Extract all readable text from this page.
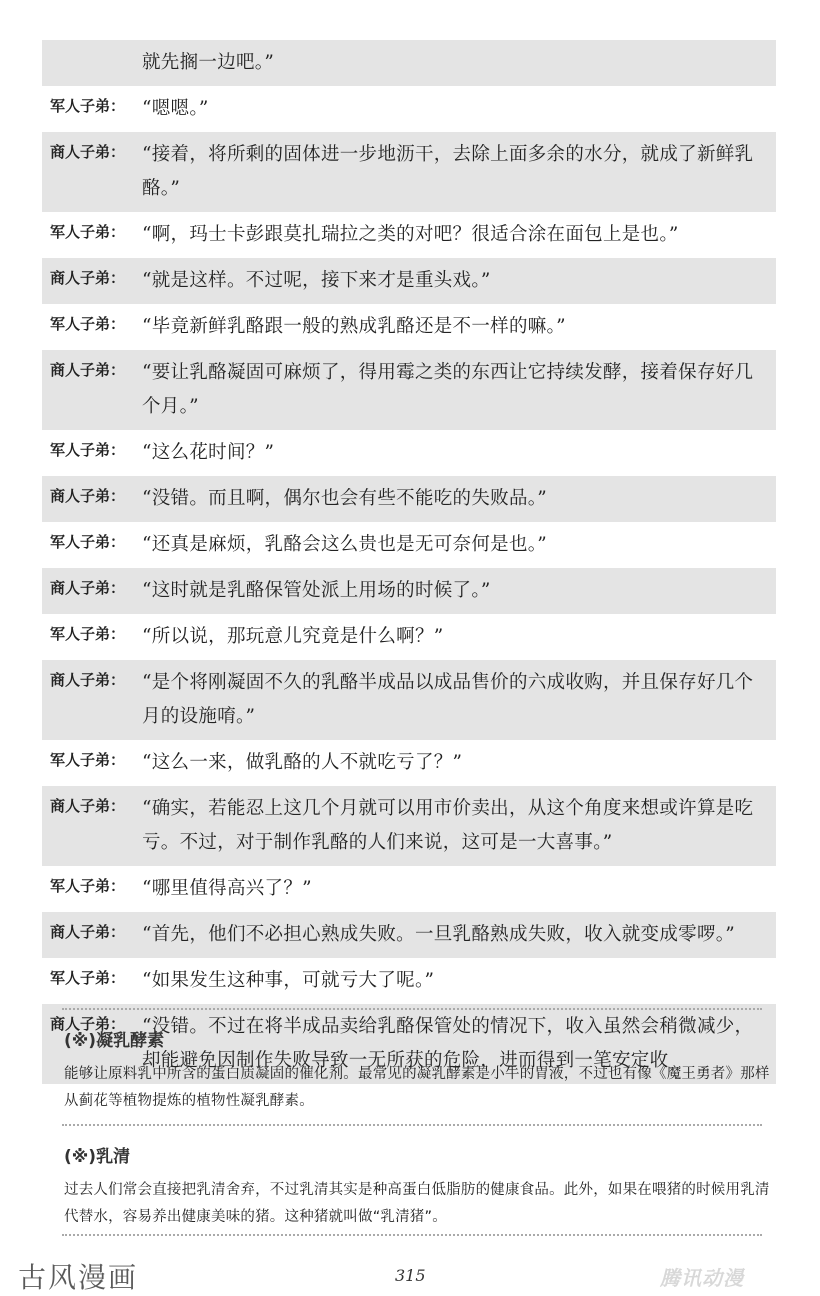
就先搁一边吧。”
军人子弟： “嗯嗯。”
商人子弟： “接着，将所剩的固体进一步地沥干，去除上面多余的水分，就成了新鲜乳酪。”
军人子弟： “啊，玛士卡彭跟莫扎瑞拉之类的对吧？很适合涂在面包上是也。”
商人子弟： “就是这样。不过呢，接下来才是重头戏。”
军人子弟： “毕竟新鲜乳酪跟一般的熟成乳酪还是不一样的嘛。”
商人子弟： “要让乳酪凝固可麻烦了，得用霉之类的东西让它持续发酵，接着保存好几个月。”
军人子弟： “这么花时间？”
商人子弟： “没错。而且啊，偶尔也会有些不能吃的失败品。”
军人子弟： “还真是麻烦，乳酪会这么贵也是无可奈何是也。”
商人子弟： “这时就是乳酪保管处派上用场的时候了。”
军人子弟： “所以说，那玩意儿究竟是什么啊？”
商人子弟： “是个将刚凝固不久的乳酪半成品以成品售价的六成收购，并且保存好几个月的设施唷。”
军人子弟： “这么一来，做乳酪的人不就吃亏了？”
商人子弟： “确实，若能忍上这几个月就可以用市价卖出，从这个角度来想或许算是吃亏。不过，对于制作乳酪的人们来说，这可是一大喜事。”
军人子弟： “哪里值得高兴了？”
商人子弟： “首先，他们不必担心熟成失败。一旦乳酪熟成失败，收入就变成零啰。”
军人子弟： “如果发生这种事，可就亏大了呢。”
商人子弟： “没错。不过在将半成品卖给乳酪保管处的情况下，收入虽然会稍微减少，却能避免因制作失败导致一无所获的危险，进而得到一笔安定收
(※)凝乳酵素
能够让原料乳中所含的蛋白质凝固的催化剂。最常见的凝乳酵素是小牛的胃液，不过也有像《魔王勇者》那样从蓟花等植物提炼的植物性凝乳酵素。
(※)乳清
过去人们常会直接把乳清舍弃，不过乳清其实是种高蛋白低脂肪的健康食品。此外，如果在喂猪的时候用乳清代替水，容易养出健康美味的猪。这种猪就叫做“乳清猪”。
古风漫画	315	腾讯动漫
